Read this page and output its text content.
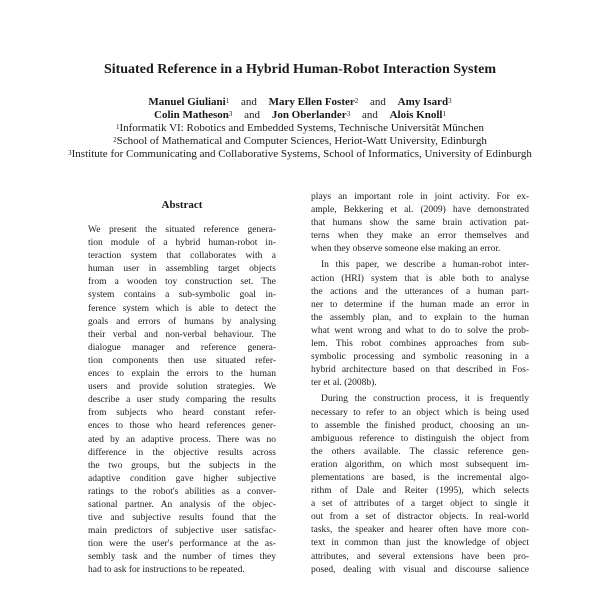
Situated Reference in a Hybrid Human-Robot Interaction System
Manuel Giuliani$^1$ and Mary Ellen Foster$^2$ and Amy Isard$^3$
Colin Matheson$^3$ and Jon Oberlander$^3$ and Alois Knoll$^1$
$^1$Informatik VI: Robotics and Embedded Systems, Technische Universität München
$^2$School of Mathematical and Computer Sciences, Heriot-Watt University, Edinburgh
$^3$Institute for Communicating and Collaborative Systems, School of Informatics, University of Edinburgh
Abstract
We present the situated reference genera-
tion module of a hybrid human-robot in-
teraction system that collaborates with a
human user in assembling target objects
from a wooden toy construction set. The
system contains a sub-symbolic goal in-
ference system which is able to detect the
goals and errors of humans by analysing
their verbal and non-verbal behaviour. The
dialogue manager and reference genera-
tion components then use situated refer-
ences to explain the errors to the human
users and provide solution strategies. We
describe a user study comparing the results
from subjects who heard constant refer-
ences to those who heard references gener-
ated by an adaptive process. There was no
difference in the objective results across
the two groups, but the subjects in the
adaptive condition gave higher subjective
ratings to the robot's abilities as a conver-
sational partner. An analysis of the objec-
tive and subjective results found that the
main predictors of subjective user satisfac-
tion were the user's performance at the as-
sembly task and the number of times they
had to ask for instructions to be repeated.
plays an important role in joint activity. For ex-
ample, Bekkering et al. (2009) have demonstrated
that humans show the same brain activation pat-
terns when they make an error themselves and
when they observe someone else making an error.
In this paper, we describe a human-robot inter-
action (HRI) system that is able both to analyse
the actions and the utterances of a human part-
ner to determine if the human made an error in
the assembly plan, and to explain to the human
what went wrong and what to do to solve the prob-
lem. This robot combines approaches from sub-
symbolic processing and symbolic reasoning in a
hybrid architecture based on that described in Fos-
ter et al. (2008b).
During the construction process, it is frequently
necessary to refer to an object which is being used
to assemble the finished product, choosing an un-
ambiguous reference to distinguish the object from
the others available. The classic reference gen-
eration algorithm, on which most subsequent im-
plementations are based, is the incremental algo-
rithm of Dale and Reiter (1995), which selects
a set of attributes of a target object to single it
out from a set of distractor objects. In real-world
tasks, the speaker and hearer often have more con-
text in common than just the knowledge of object
attributes, and several extensions have been pro-
posed, dealing with visual and discourse salience
